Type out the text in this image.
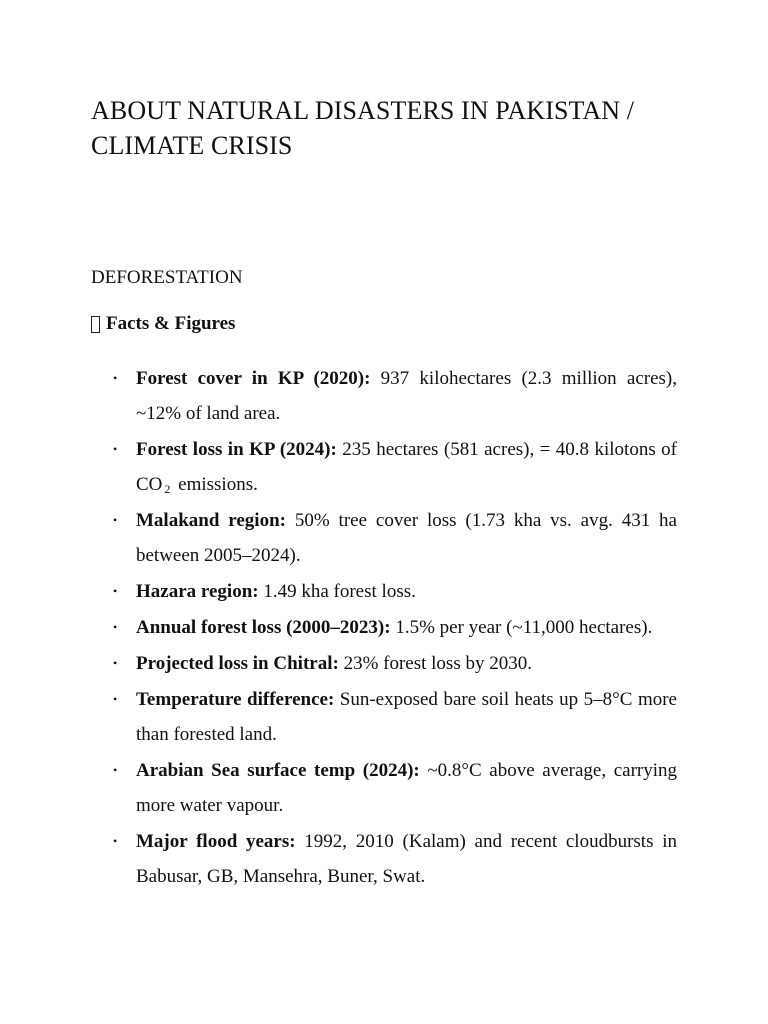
ABOUT NATURAL DISASTERS IN PAKISTAN / CLIMATE CRISIS
DEFORESTATION
Facts & Figures
• Forest cover in KP (2020): 937 kilohectares (2.3 million acres), ~12% of land area.
• Forest loss in KP (2024): 235 hectares (581 acres), = 40.8 kilotons of CO $_2$ emissions.
• Malakand region: 50% tree cover loss (1.73 kha vs. avg. 431 ha between 2005–2024).
• Hazara region: 1.49 kha forest loss.
• Annual forest loss (2000–2023): 1.5% per year (~11,000 hectares).
• Projected loss in Chitral: 23% forest loss by 2030.
• Temperature difference: Sun-exposed bare soil heats up 5–8°C more than forested land.
• Arabian Sea surface temp (2024): ~0.8°C above average, carrying more water vapour.
• Major flood years: 1992, 2010 (Kalam) and recent cloudbursts in Babusar, GB, Mansehra, Buner, Swat.
